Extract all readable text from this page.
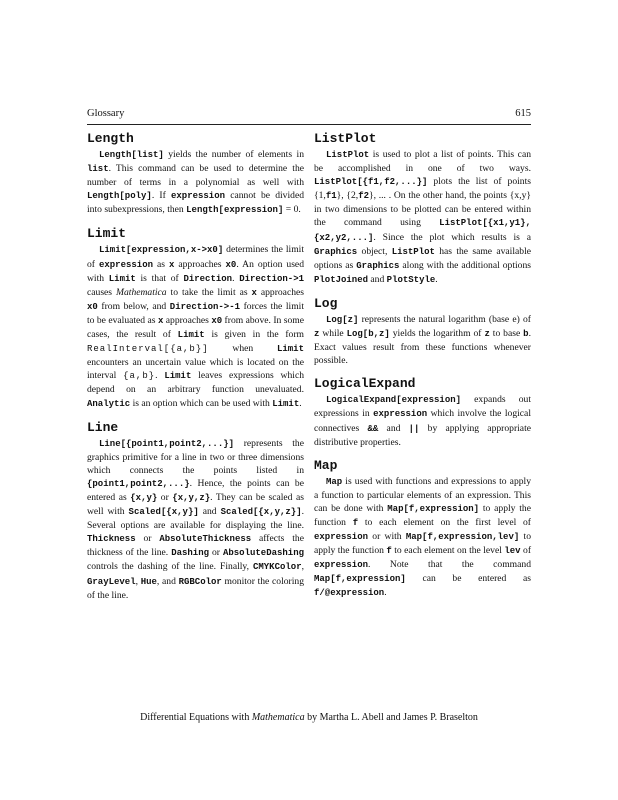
Glossary	615
Length

Length[list] yields the number of elements in list. This command can be used to determine the number of terms in a polynomial as well with Length[poly]. If expression cannot be divided into subexpressions, then Length[expression] = 0.

Limit

Limit[expression,x->x0] determines the limit of expression as x approaches x0. An option used with Limit is that of Direction. Direction->1 causes Mathematica to take the limit as x approaches x0 from below, and Direction->-1 forces the limit to be evaluated as x approaches x0 from above. In some cases, the result of Limit is given in the form RealInterval[{a,b}] when Limit encounters an uncertain value which is located on the interval {a,b}. Limit leaves expressions which depend on an arbitrary function unevaluated. Analytic is an option which can be used with Limit.

Line

Line[{point1,point2,...}] represents the graphics primitive for a line in two or three dimensions which connects the points listed in {point1,point2,...}. Hence, the points can be entered as {x,y} or {x,y,z}. They can be scaled as well with Scaled[{x,y}] and Scaled[{x,y,z}]. Several options are available for displaying the line. Thickness or AbsoluteThickness affects the thickness of the line. Dashing or AbsoluteDashing controls the dashing of the line. Finally, CMYKColor, GrayLevel, Hue, and RGBColor monitor the coloring of the line.

ListPlot

ListPlot is used to plot a list of points. This can be accomplished in one of two ways. ListPlot[{f1,f2,...}] plots the list of points {1,f1}, {2,f2}, ... . On the other hand, the points {x,y} in two dimensions to be plotted can be entered within the command using ListPlot[{x1,y1},{x2,y2,...]. Since the plot which results is a Graphics object, ListPlot has the same available options as Graphics along with the additional options PlotJoined and PlotStyle.

Log

Log[z] represents the natural logarithm (base e) of z while Log[b,z] yields the logarithm of z to base b. Exact values result from these functions whenever possible.

LogicalExpand

LogicalExpand[expression] expands out expressions in expression which involve the logical connectives && and || by applying appropriate distributive properties.

Map

Map is used with functions and expressions to apply a function to particular elements of an expression. This can be done with Map[f,expression] to apply the function f to each element on the first level of expression or with Map[f,expression,lev] to apply the function f to each element on the level lev of expression. Note that the command Map[f,expression] can be entered as f/@expression.

Differential Equations with Mathematica by Martha L. Abell and James P. Braselton
